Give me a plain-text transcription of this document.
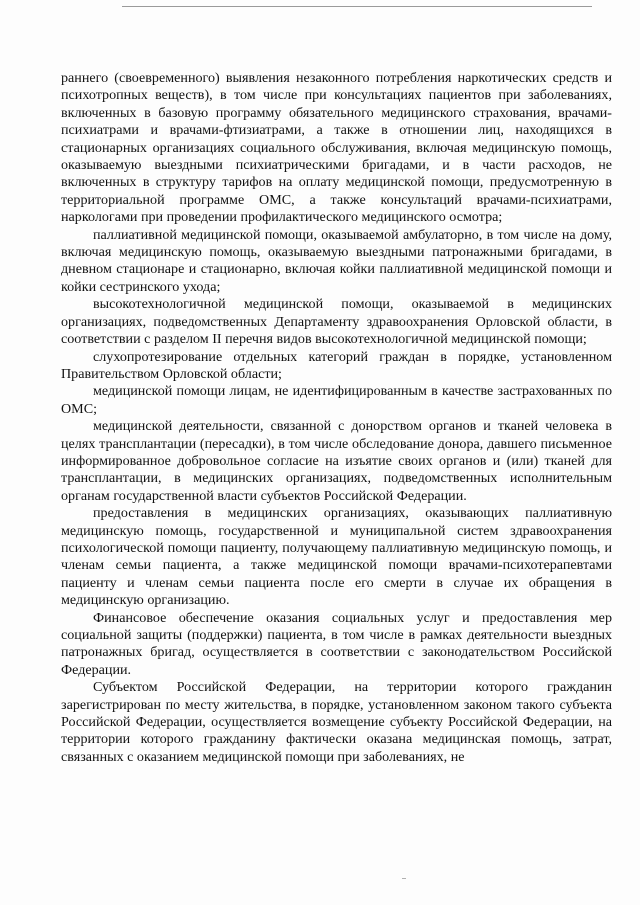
раннего (своевременного) выявления незаконного потребления наркотических средств и психотропных веществ), в том числе при консультациях пациентов при заболеваниях, включенных в базовую программу обязательного медицинского страхования, врачами-психиатрами и врачами-фтизиатрами, а также в отношении лиц, находящихся в стационарных организациях социального обслуживания, включая медицинскую помощь, оказываемую выездными психиатрическими бригадами, и в части расходов, не включенных в структуру тарифов на оплату медицинской помощи, предусмотренную в территориальной программе ОМС, а также консультаций врачами-психиатрами, наркологами при проведении профилактического медицинского осмотра;

паллиативной медицинской помощи, оказываемой амбулаторно, в том числе на дому, включая медицинскую помощь, оказываемую выездными патронажными бригадами, в дневном стационаре и стационарно, включая койки паллиативной медицинской помощи и койки сестринского ухода;

высокотехнологичной медицинской помощи, оказываемой в медицинских организациях, подведомственных Департаменту здравоохранения Орловской области, в соответствии с разделом II перечня видов высокотехнологичной медицинской помощи;

слухопротезирование отдельных категорий граждан в порядке, установленном Правительством Орловской области;

медицинской помощи лицам, не идентифицированным в качестве застрахованных по ОМС;

медицинской деятельности, связанной с донорством органов и тканей человека в целях трансплантации (пересадки), в том числе обследование донора, давшего письменное информированное добровольное согласие на изъятие своих органов и (или) тканей для трансплантации, в медицинских организациях, подведомственных исполнительным органам государственной власти субъектов Российской Федерации.

предоставления в медицинских организациях, оказывающих паллиативную медицинскую помощь, государственной и муниципальной систем здравоохранения психологической помощи пациенту, получающему паллиативную медицинскую помощь, и членам семьи пациента, а также медицинской помощи врачами-психотерапевтами пациенту и членам семьи пациента после его смерти в случае их обращения в медицинскую организацию.

Финансовое обеспечение оказания социальных услуг и предоставления мер социальной защиты (поддержки) пациента, в том числе в рамках деятельности выездных патронажных бригад, осуществляется в соответствии с законодательством Российской Федерации.

Субъектом Российской Федерации, на территории которого гражданин зарегистрирован по месту жительства, в порядке, установленном законом такого субъекта Российской Федерации, осуществляется возмещение субъекту Российской Федерации, на территории которого гражданину фактически оказана медицинская помощь, затрат, связанных с оказанием медицинской помощи при заболеваниях, не
